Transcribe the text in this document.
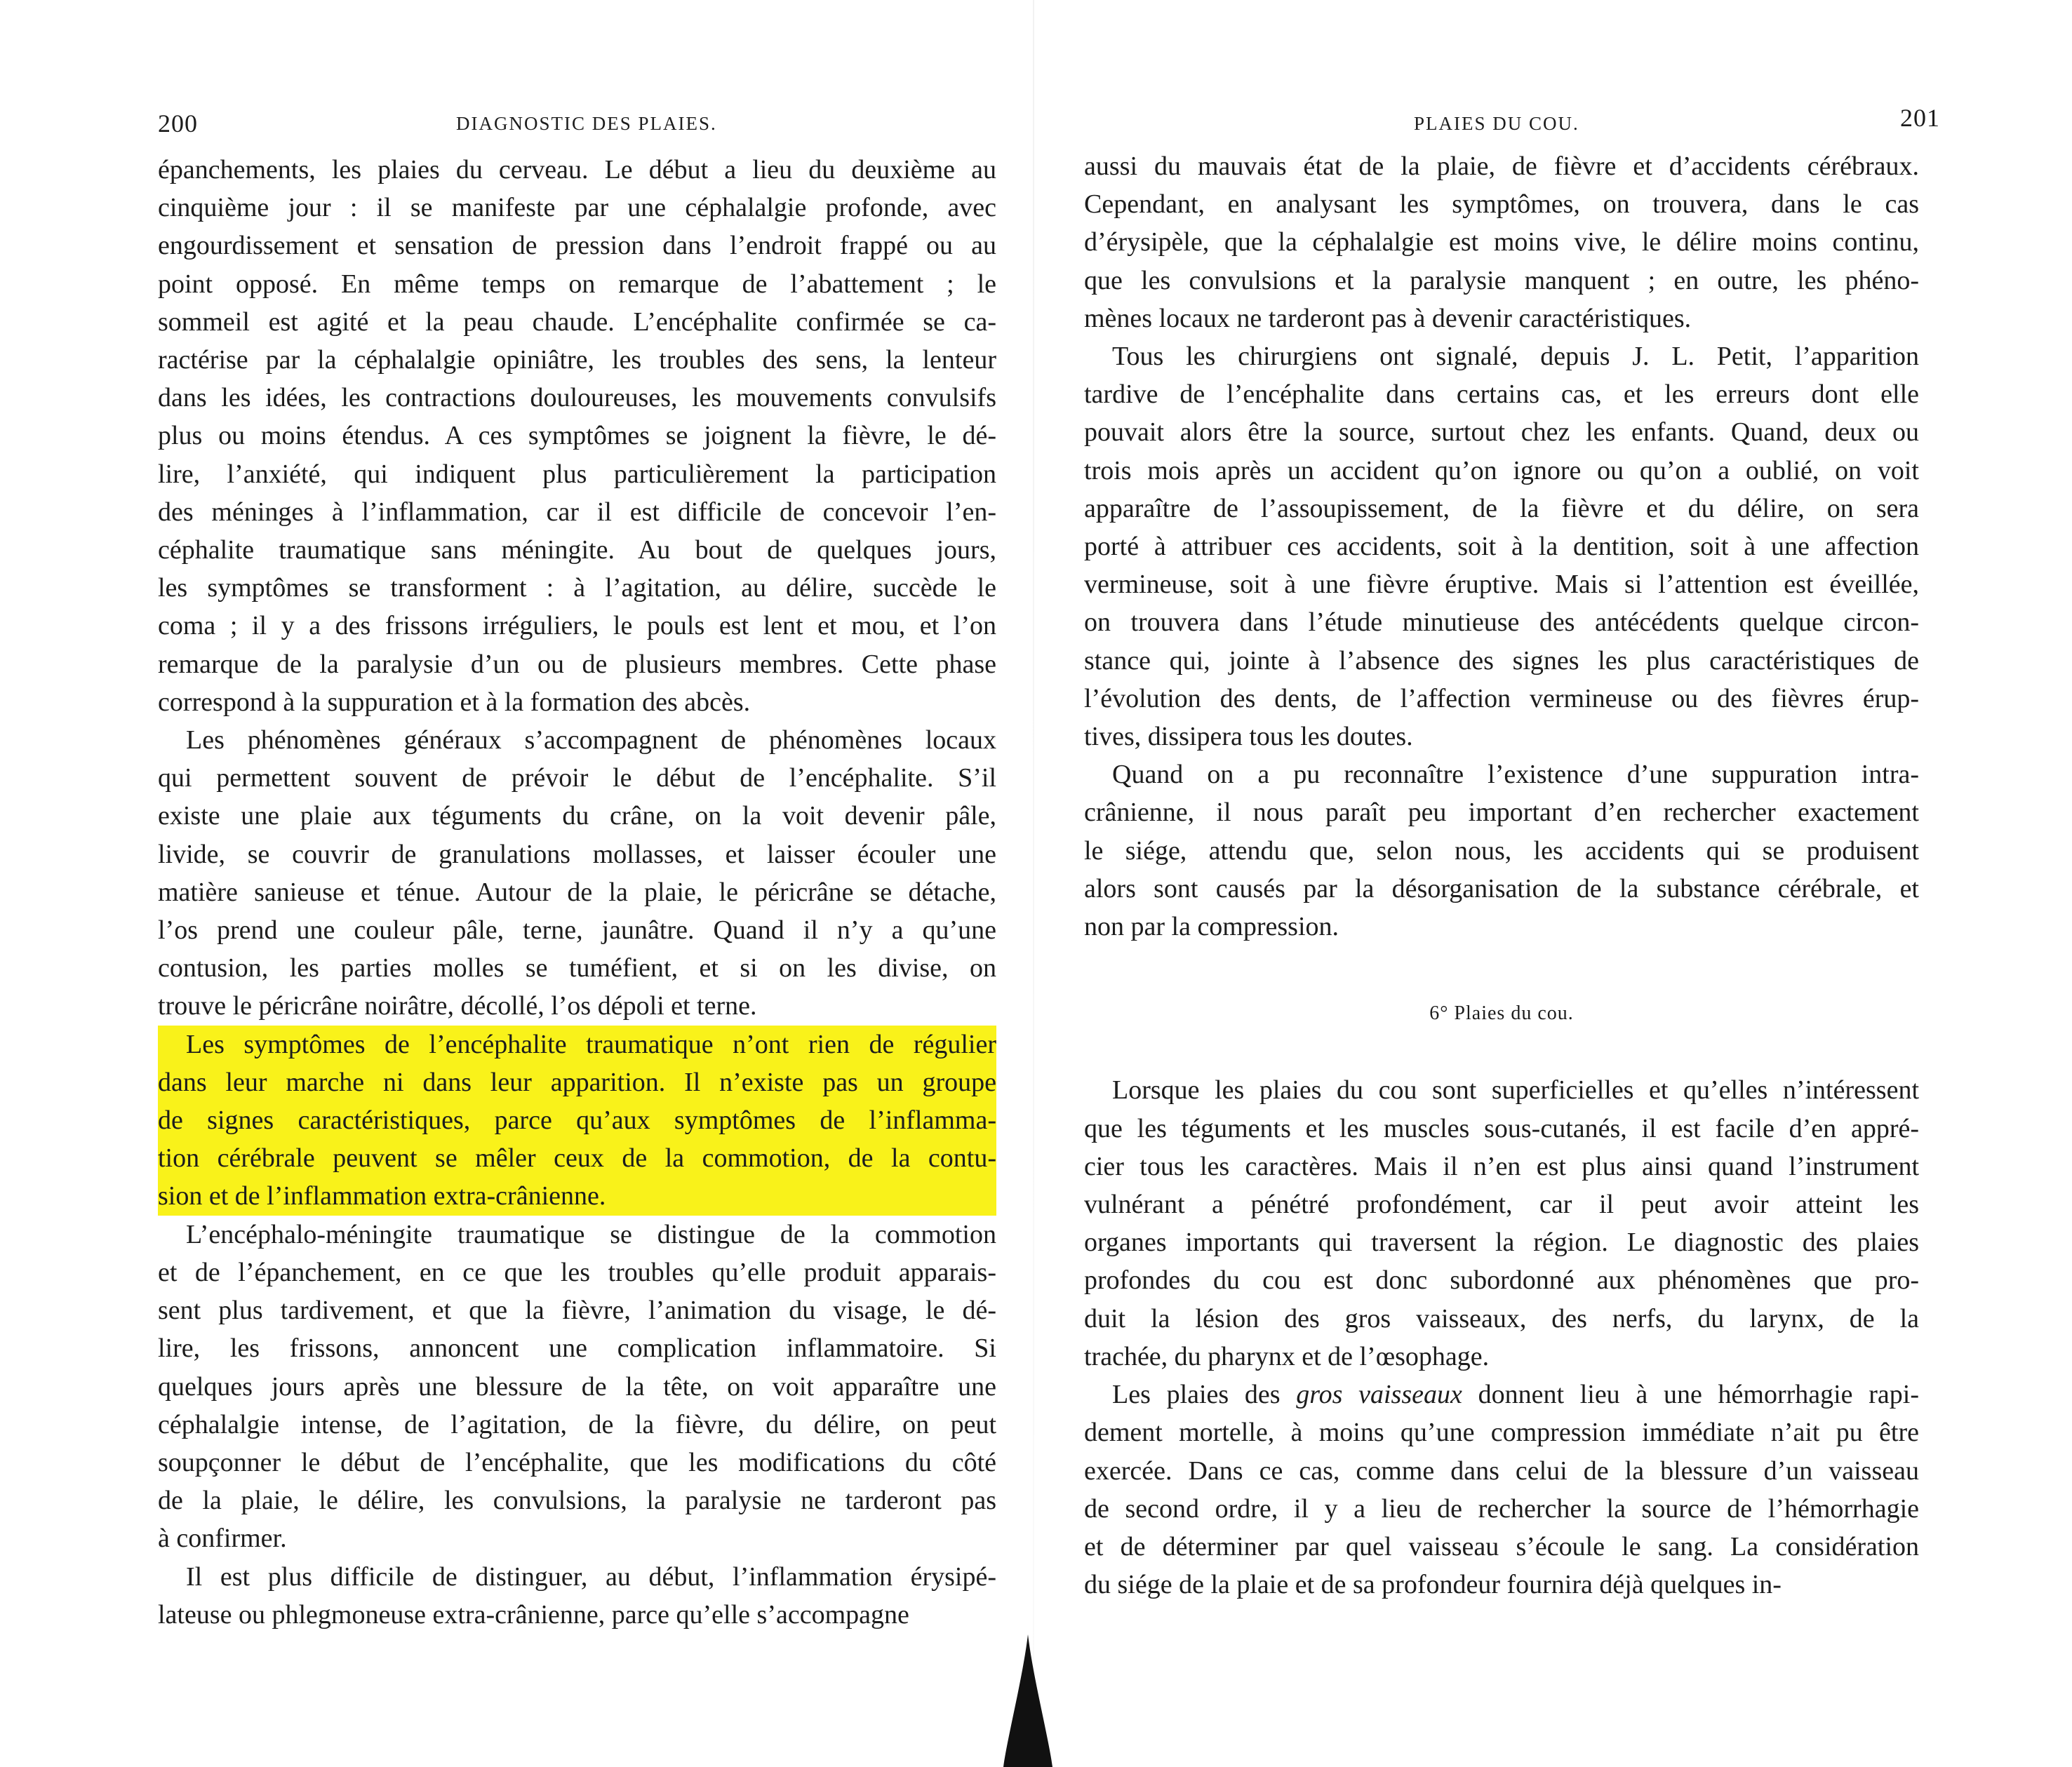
200	DIAGNOSTIC DES PLAIES.

épanchements, les plaies du cerveau. Le début a lieu du deuxième au
cinquième jour : il se manifeste par une céphalalgie profonde, avec
engourdissement et sensation de pression dans l’endroit frappé ou au
point opposé. En même temps on remarque de l’abattement ; le
sommeil est agité et la peau chaude. L’encéphalite confirmée se ca-
ractérise par la céphalalgie opiniâtre, les troubles des sens, la lenteur
dans les idées, les contractions douloureuses, les mouvements convulsifs
plus ou moins étendus. A ces symptômes se joignent la fièvre, le dé-
lire, l’anxiété, qui indiquent plus particulièrement la participation
des méninges à l’inflammation, car il est difficile de concevoir l’en-
céphalite traumatique sans méningite. Au bout de quelques jours,
les symptômes se transforment : à l’agitation, au délire, succède le
coma ; il y a des frissons irréguliers, le pouls est lent et mou, et l’on
remarque de la paralysie d’un ou de plusieurs membres. Cette phase
correspond à la suppuration et à la formation des abcès.

Les phénomènes généraux s’accompagnent de phénomènes locaux
qui permettent souvent de prévoir le début de l’encéphalite. S’il
existe une plaie aux téguments du crâne, on la voit devenir pâle,
livide, se couvrir de granulations mollasses, et laisser écouler une
matière sanieuse et ténue. Autour de la plaie, le péricrâne se détache,
l’os prend une couleur pâle, terne, jaunâtre. Quand il n’y a qu’une
contusion, les parties molles se tuméfient, et si on les divise, on
trouve le péricrâne noirâtre, décollé, l’os dépoli et terne.

Les symptômes de l’encéphalite traumatique n’ont rien de régulier
dans leur marche ni dans leur apparition. Il n’existe pas un groupe
de signes caractéristiques, parce qu’aux symptômes de l’inflamma-
tion cérébrale peuvent se mêler ceux de la commotion, de la contu-
sion et de l’inflammation extra-crânienne.

L’encéphalo-méningite traumatique se distingue de la commotion
et de l’épanchement, en ce que les troubles qu’elle produit apparais-
sent plus tardivement, et que la fièvre, l’animation du visage, le dé-
lire, les frissons, annoncent une complication inflammatoire. Si
quelques jours après une blessure de la tête, on voit apparaître une
céphalalgie intense, de l’agitation, de la fièvre, du délire, on peut
soupçonner le début de l’encéphalite, que les modifications du côté
de la plaie, le délire, les convulsions, la paralysie ne tarderont pas
à confirmer.

Il est plus difficile de distinguer, au début, l’inflammation érysipé-
lateuse ou phlegmoneuse extra-crânienne, parce qu’elle s’accompagne

PLAIES DU COU.	201

aussi du mauvais état de la plaie, de fièvre et d’accidents cérébraux.
Cependant, en analysant les symptômes, on trouvera, dans le cas
d’érysipèle, que la céphalalgie est moins vive, le délire moins continu,
que les convulsions et la paralysie manquent ; en outre, les phéno-
mènes locaux ne tarderont pas à devenir caractéristiques.

Tous les chirurgiens ont signalé, depuis J. L. Petit, l’apparition
tardive de l’encéphalite dans certains cas, et les erreurs dont elle
pouvait alors être la source, surtout chez les enfants. Quand, deux ou
trois mois après un accident qu’on ignore ou qu’on a oublié, on voit
apparaître de l’assoupissement, de la fièvre et du délire, on sera
porté à attribuer ces accidents, soit à la dentition, soit à une affection
vermineuse, soit à une fièvre éruptive. Mais si l’attention est éveillée,
on trouvera dans l’étude minutieuse des antécédents quelque circon-
stance qui, jointe à l’absence des signes les plus caractéristiques de
l’évolution des dents, de l’affection vermineuse ou des fièvres érup-
tives, dissipera tous les doutes.

Quand on a pu reconnaître l’existence d’une suppuration intra-
crânienne, il nous paraît peu important d’en rechercher exactement
le siége, attendu que, selon nous, les accidents qui se produisent
alors sont causés par la désorganisation de la substance cérébrale, et
non par la compression.

6° Plaies du cou.

Lorsque les plaies du cou sont superficielles et qu’elles n’intéressent
que les téguments et les muscles sous-cutanés, il est facile d’en appré-
cier tous les caractères. Mais il n’en est plus ainsi quand l’instrument
vulnérant a pénétré profondément, car il peut avoir atteint les
organes importants qui traversent la région. Le diagnostic des plaies
profondes du cou est donc subordonné aux phénomènes que pro-
duit la lésion des gros vaisseaux, des nerfs, du larynx, de la
trachée, du pharynx et de l’œsophage.

Les plaies des gros vaisseaux donnent lieu à une hémorrhagie rapi-
dement mortelle, à moins qu’une compression immédiate n’ait pu être
exercée. Dans ce cas, comme dans celui de la blessure d’un vaisseau
de second ordre, il y a lieu de rechercher la source de l’hémorrhagie
et de déterminer par quel vaisseau s’écoule le sang. La considération
du siége de la plaie et de sa profondeur fournira déjà quelques in-
